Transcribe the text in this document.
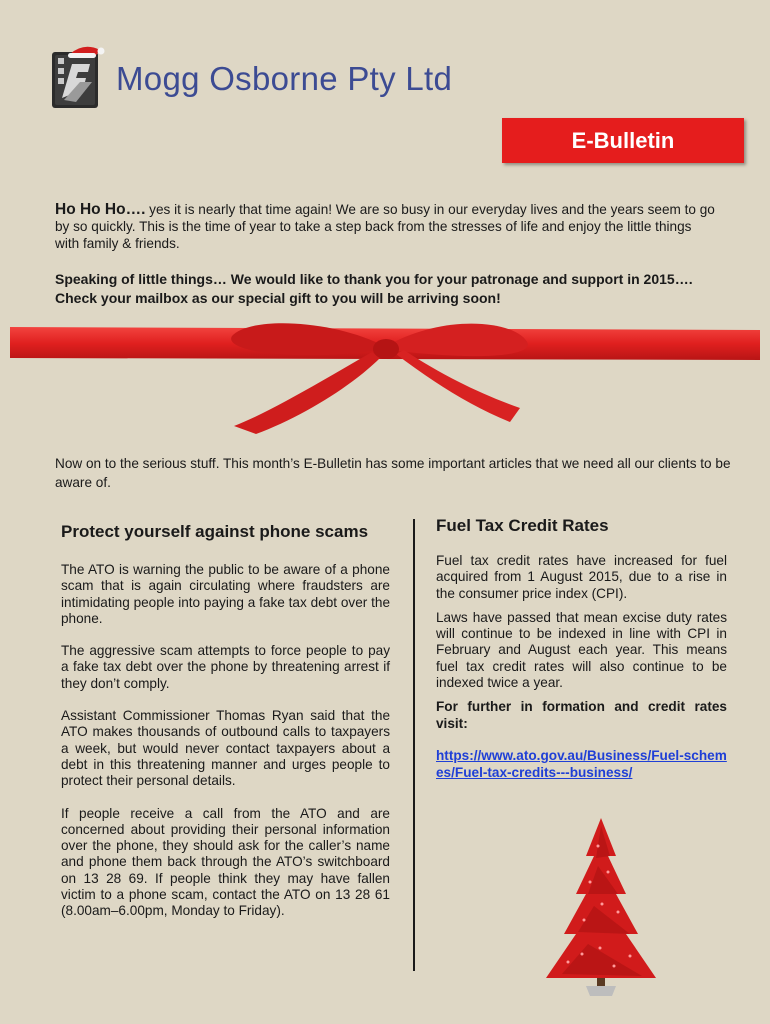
Mogg Osborne Pty Ltd
E-Bulletin
Ho Ho Ho…. yes it is nearly that time again! We are so busy in our everyday lives and the years seem to go by so quickly. This is the time of year to take a step back from the stresses of life and enjoy the little things with family & friends.
Speaking of little things… We would like to thank you for your patronage and support in 2015…. Check your mailbox as our special gift to you will be arriving soon!
Now on to the serious stuff. This month’s E-Bulletin has some important articles that we need all our clients to be aware of.
Protect yourself against phone scams

The ATO is warning the public to be aware of a phone scam that is again circulating where fraudsters are intimidating people into paying a fake tax debt over the phone.

The aggressive scam attempts to force people to pay a fake tax debt over the phone by threatening arrest if they don’t comply.

Assistant Commissioner Thomas Ryan said that the ATO makes thousands of outbound calls to taxpayers a week, but would never contact taxpayers about a debt in this threatening manner and urges people to protect their personal details.

If people receive a call from the ATO and are concerned about providing their personal information over the phone, they should ask for the caller’s name and phone them back through the ATO’s switchboard on 13 28 69. If people think they may have fallen victim to a phone scam, contact the ATO on 13 28 61 (8.00am–6.00pm, Monday to Friday).

Fuel Tax Credit Rates

Fuel tax credit rates have increased for fuel acquired from 1 August 2015, due to a rise in the consumer price index (CPI).

Laws have passed that mean excise duty rates will continue to be indexed in line with CPI in February and August each year. This means fuel tax credit rates will also continue to be indexed twice a year.

For further in formation and credit rates visit:

https://www.ato.gov.au/Business/Fuel-schemes/Fuel-tax-credits---business/
